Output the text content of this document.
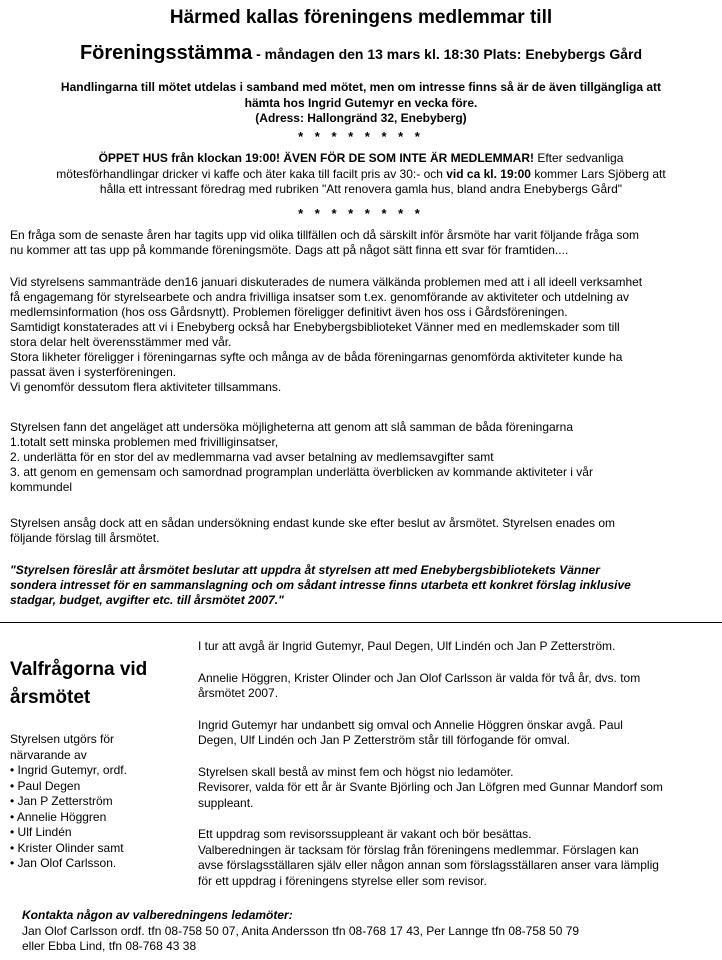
Härmed kallas föreningens medlemmar till
Föreningsstämma - måndagen den 13 mars kl. 18:30 Plats: Enebybergs Gård
Handlingarna till mötet utdelas i samband med mötet, men om intresse finns så är de även tillgängliga att
hämta hos Ingrid Gutemyr en vecka före.
(Adress: Hallongränd 32, Enebyberg)
* * * * * * * *
ÖPPET HUS från klockan 19:00! ÄVEN FÖR DE SOM INTE ÄR MEDLEMMAR! Efter sedvanliga
mötesförhandlingar dricker vi kaffe och äter kaka till facilt pris av 30:- och vid ca kl. 19:00 kommer Lars Sjöberg att
hålla ett intressant föredrag med rubriken "Att renovera gamla hus, bland andra Enebybergs Gård"
* * * * * * * *
En fråga som de senaste åren har tagits upp vid olika tillfällen och då särskilt inför årsmöte har varit följande fråga som
nu kommer att tas upp på kommande föreningsmöte. Dags att på något sätt finna ett svar för framtiden....
Vid styrelsens sammanträde den16 januari diskuterades de numera välkända problemen med att i all ideell verksamhet
få engagemang för styrelsearbete och andra frivilliga insatser som t.ex. genomförande av aktiviteter och utdelning av
medlemsinformation (hos oss Gårdsnytt). Problemen föreligger definitivt även hos oss i Gårdsföreningen.
Samtidigt konstaterades att vi i Enebyberg också har Enebybergsbiblioteket Vänner med en medlemskader som till
stora delar helt överensstämmer med vår.
Stora likheter föreligger i föreningarnas syfte och många av de båda föreningarnas genomförda aktiviteter kunde ha
passat även i systerföreningen.
Vi genomför dessutom flera aktiviteter tillsammans.
Styrelsen fann det angeläget att undersöka möjligheterna att genom att slå samman de båda föreningarna
1.totalt sett minska problemen med frivilliginsatser,
2. underlätta för en stor del av medlemmarna vad avser betalning av medlemsavgifter samt
3. att genom en gemensam och samordnad programplan underlätta överblicken av kommande aktiviteter i vår
kommundel
Styrelsen ansåg dock att en sådan undersökning endast kunde ske efter beslut av årsmötet. Styrelsen enades om
följande förslag till årsmötet.
"Styrelsen föreslår att årsmötet beslutar att uppdra åt styrelsen att med Enebybergsbibliotekets Vänner
sondera intresset för en sammanslagning och om sådant intresse finns utarbeta ett konkret förslag inklusive
stadgar, budget, avgifter etc. till årsmötet 2007."
Valfrågorna vid
årsmötet
Styrelsen utgörs för
närvarande av
• Ingrid Gutemyr, ordf.
• Paul Degen
• Jan P Zetterström
• Annelie Höggren
• Ulf Lindén
• Krister Olinder samt
• Jan Olof Carlsson.
I tur att avgå är Ingrid Gutemyr, Paul Degen, Ulf Lindén och Jan P Zetterström.
Annelie Höggren, Krister Olinder och Jan Olof Carlsson är valda för två år, dvs. tom
årsmötet 2007.
Ingrid Gutemyr har undanbett sig omval och Annelie Höggren önskar avgå. Paul
Degen, Ulf Lindén och Jan P Zetterström står till förfogande för omval.
Styrelsen skall bestå av minst fem och högst nio ledamöter.
Revisorer, valda för ett år är Svante Björling och Jan Löfgren med Gunnar Mandorf som
suppleant.
Ett uppdrag som revisorssuppleant är vakant och bör besättas.
Valberedningen är tacksam för förslag från föreningens medlemmar. Förslagen kan
avse förslagsställaren själv eller någon annan som förslagsställaren anser vara lämplig
för ett uppdrag i föreningens styrelse eller som revisor.
Kontakta någon av valberedningens ledamöter:
Jan Olof Carlsson ordf. tfn 08-758 50 07, Anita Andersson tfn 08-768 17 43, Per Lannge tfn 08-758 50 79
eller Ebba Lind, tfn 08-768 43 38
